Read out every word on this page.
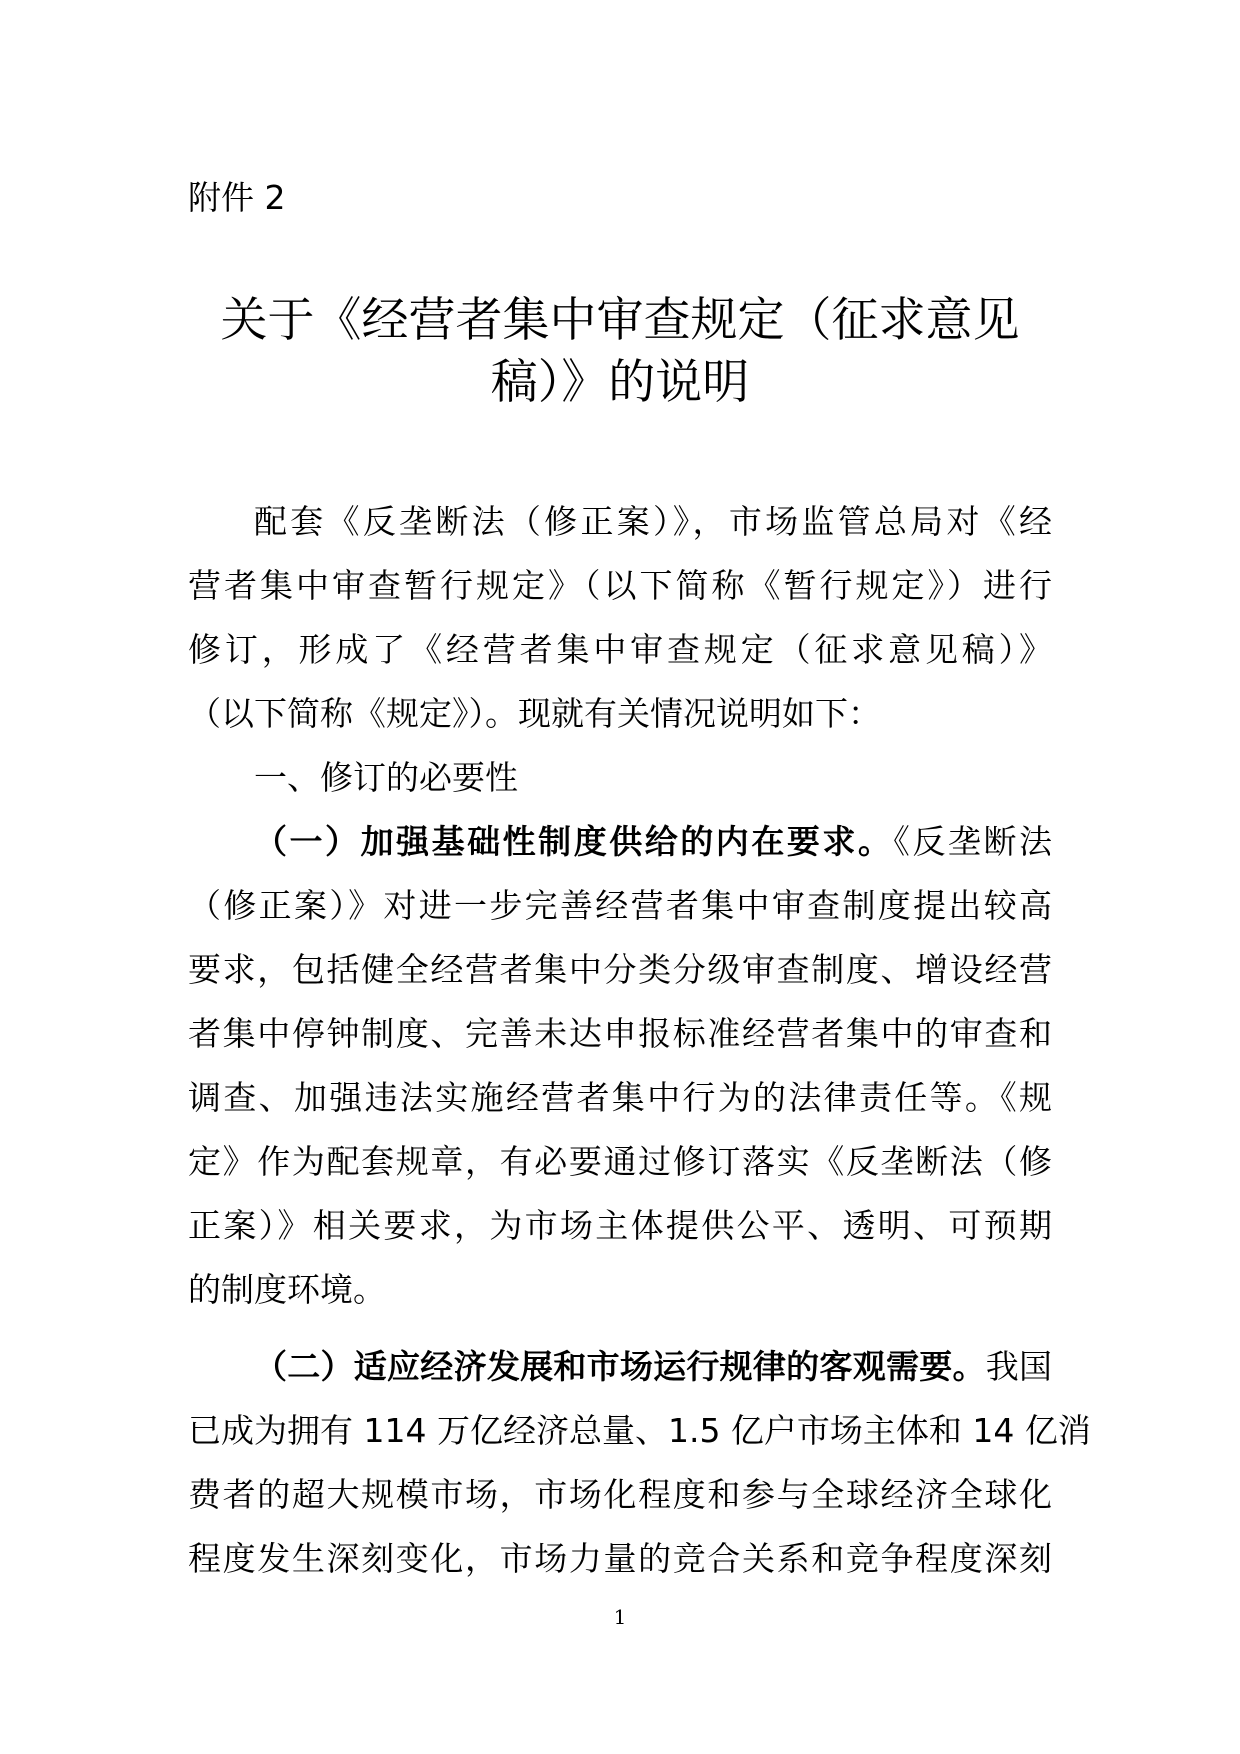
附件 2
关于《经营者集中审查规定（征求意见
稿）》的说明
配套《反垄断法（修正案）》，市场监管总局对《经
营者集中审查暂行规定》（以下简称《暂行规定》）进行
修订，形成了《经营者集中审查规定（征求意见稿）》
（以下简称《规定》）。现就有关情况说明如下：
一、修订的必要性
（一）加强基础性制度供给的内在要求。《反垄断法
（修正案）》对进一步完善经营者集中审查制度提出较高
要求，包括健全经营者集中分类分级审查制度、增设经营
者集中停钟制度、完善未达申报标准经营者集中的审查和
调查、加强违法实施经营者集中行为的法律责任等。《规
定》作为配套规章，有必要通过修订落实《反垄断法（修
正案）》相关要求，为市场主体提供公平、透明、可预期
的制度环境。
（二）适应经济发展和市场运行规律的客观需要。我国
已成为拥有 114 万亿经济总量、1.5 亿户市场主体和 14 亿消
费者的超大规模市场，市场化程度和参与全球经济全球化
程度发生深刻变化，市场力量的竞合关系和竞争程度深刻
1
